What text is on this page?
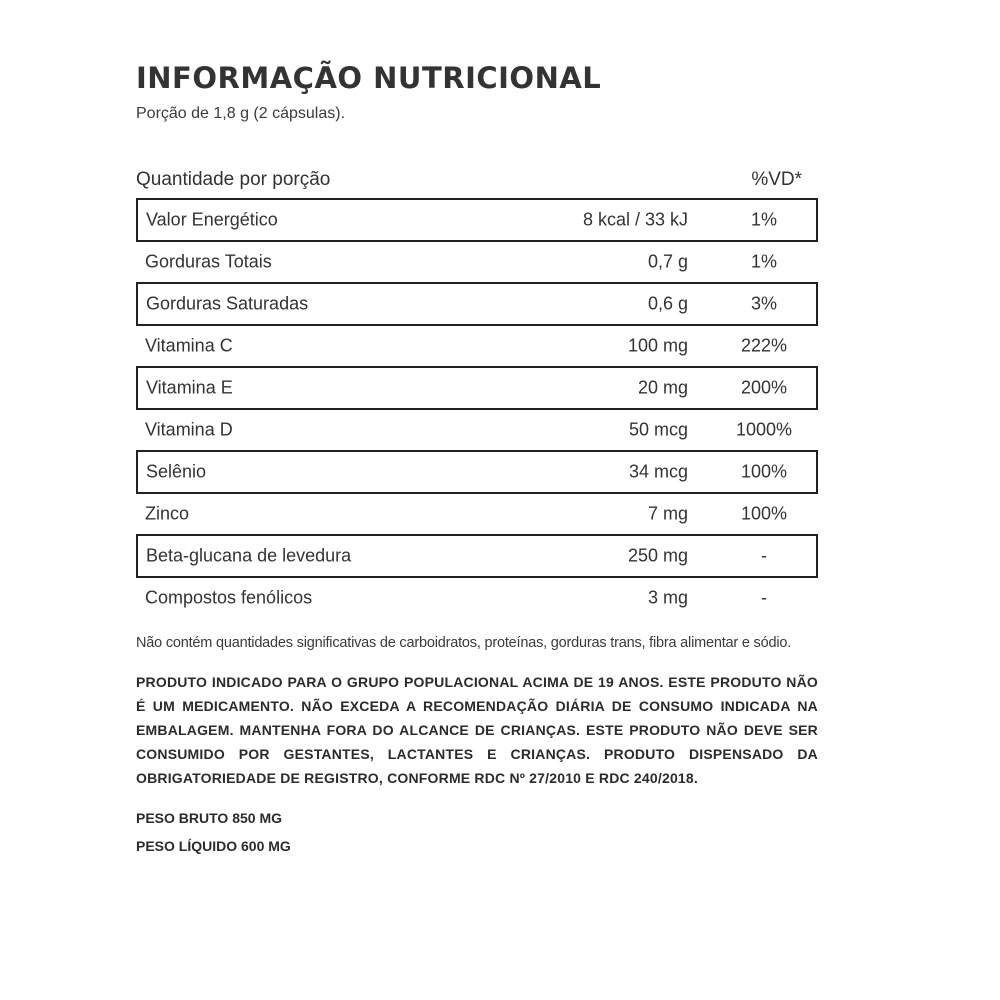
INFORMAÇÃO NUTRICIONAL
Porção de 1,8 g (2 cápsulas).
Quantidade por porção	%VD*
Valor Energético	8 kcal / 33 kJ	1%
Gorduras Totais	0,7 g	1%
Gorduras Saturadas	0,6 g	3%
Vitamina C	100 mg	222%
Vitamina E	20 mg	200%
Vitamina D	50 mcg	1000%
Selênio	34 mcg	100%
Zinco	7 mg	100%
Beta-glucana de levedura	250 mg	-
Compostos fenólicos	3 mg	-

Não contém quantidades significativas de carboidratos, proteínas, gorduras trans, fibra alimentar e sódio.

PRODUTO INDICADO PARA O GRUPO POPULACIONAL ACIMA DE 19 ANOS. ESTE PRODUTO NÃO É UM MEDICAMENTO. NÃO EXCEDA A RECOMENDAÇÃO DIÁRIA DE CONSUMO INDICADA NA EMBALAGEM. MANTENHA FORA DO ALCANCE DE CRIANÇAS. ESTE PRODUTO NÃO DEVE SER CONSUMIDO POR GESTANTES, LACTANTES E CRIANÇAS. PRODUTO DISPENSADO DA OBRIGATORIEDADE DE REGISTRO, CONFORME RDC Nº 27/2010 E RDC 240/2018.

PESO BRUTO 850 MG
PESO LÍQUIDO 600 MG
